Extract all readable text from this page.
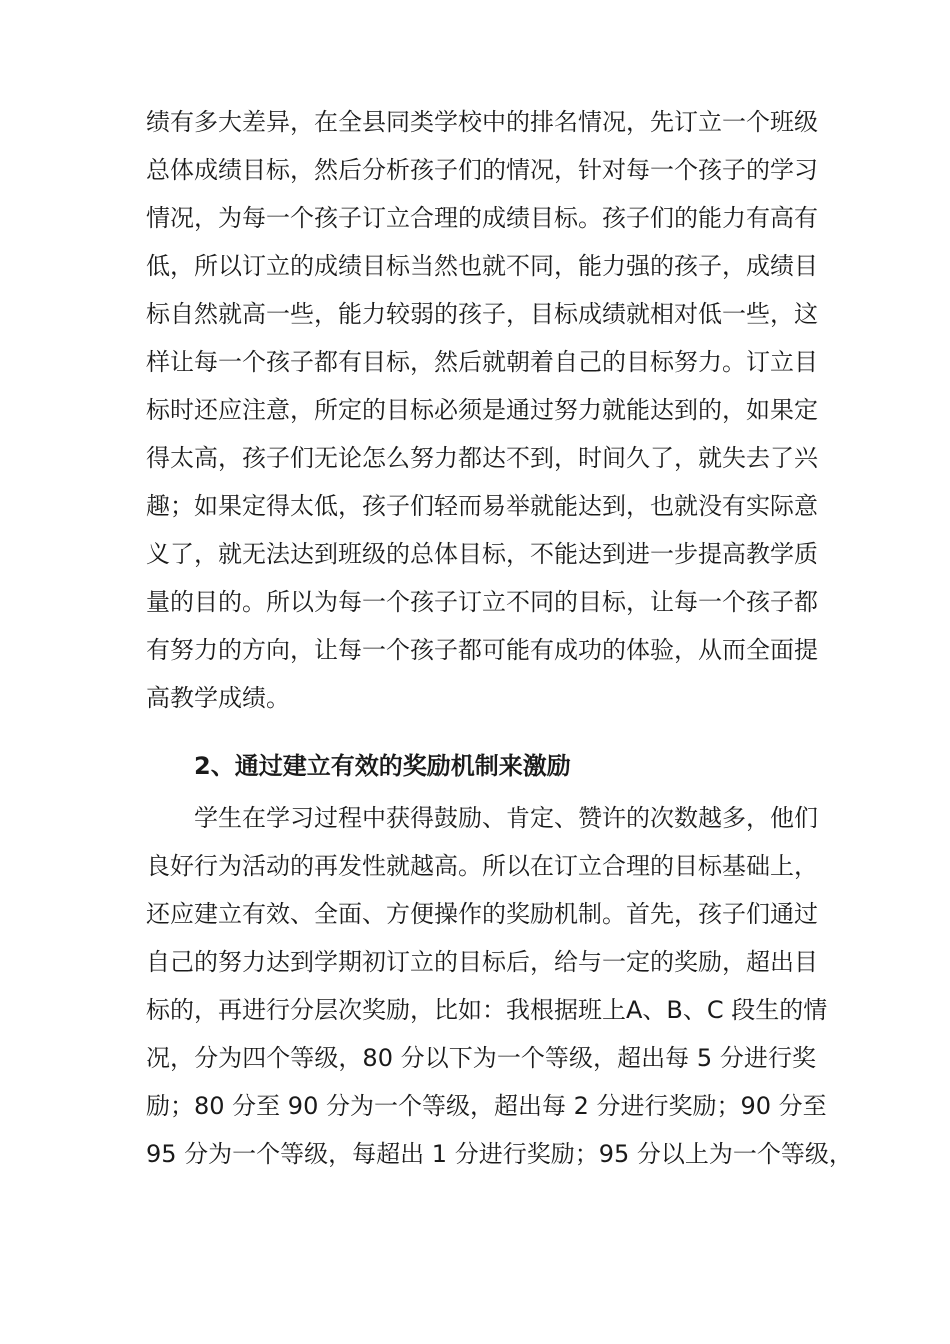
绩有多大差异，在全县同类学校中的排名情况，先订立一个班级
总体成绩目标，然后分析孩子们的情况，针对每一个孩子的学习
情况，为每一个孩子订立合理的成绩目标。孩子们的能力有高有
低，所以订立的成绩目标当然也就不同，能力强的孩子，成绩目
标自然就高一些，能力较弱的孩子，目标成绩就相对低一些，这
样让每一个孩子都有目标，然后就朝着自己的目标努力。订立目
标时还应注意，所定的目标必须是通过努力就能达到的，如果定
得太高，孩子们无论怎么努力都达不到，时间久了，就失去了兴
趣；如果定得太低，孩子们轻而易举就能达到，也就没有实际意
义了，就无法达到班级的总体目标，不能达到进一步提高教学质
量的目的。所以为每一个孩子订立不同的目标，让每一个孩子都
有努力的方向，让每一个孩子都可能有成功的体验，从而全面提
高教学成绩。
2、通过建立有效的奖励机制来激励
学生在学习过程中获得鼓励、肯定、赞许的次数越多，他们
良好行为活动的再发性就越高。所以在订立合理的目标基础上，
还应建立有效、全面、方便操作的奖励机制。首先，孩子们通过
自己的努力达到学期初订立的目标后，给与一定的奖励，超出目
标的，再进行分层次奖励，比如：我根据班上A、B、C 段生的情
况，分为四个等级，80 分以下为一个等级，超出每 5 分进行奖
励；80 分至 90 分为一个等级，超出每 2 分进行奖励；90 分至
95 分为一个等级，每超出 1 分进行奖励；95 分以上为一个等级，
